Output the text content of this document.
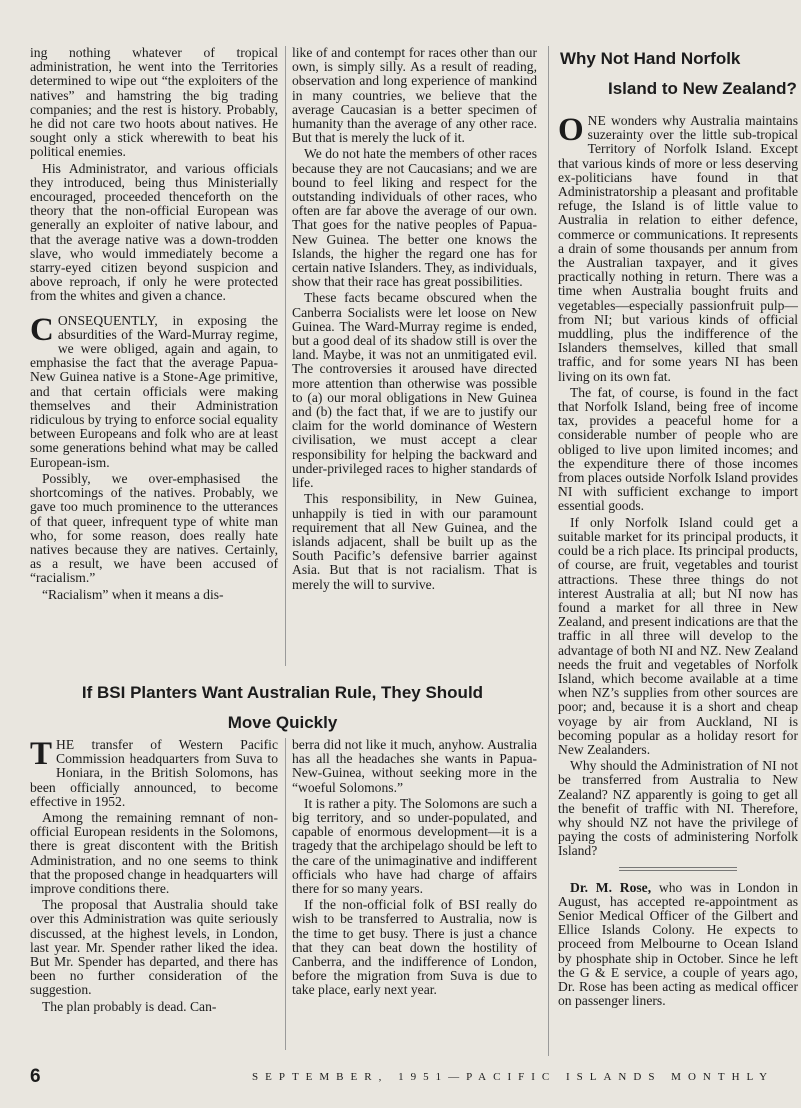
ing nothing whatever of tropical administration, he went into the Territories determined to wipe out “the exploiters of the natives” and hamstring the big trading companies; and the rest is history. Probably, he did not care two hoots about natives. He sought only a stick wherewith to beat his political enemies.

His Administrator, and various officials they introduced, being thus Ministerially encouraged, proceeded thenceforth on the theory that the non-official European was generally an exploiter of native labour, and that the average native was a down-trodden slave, who would immediately become a starry-eyed citizen beyond suspicion and above reproach, if only he were protected from the whites and given a chance.

CONSEQUENTLY, in exposing the absurdities of the Ward-Murray regime, we were obliged, again and again, to emphasise the fact that the average Papua-New Guinea native is a Stone-Age primitive, and that certain officials were making themselves and their Administration ridiculous by trying to enforce social equality between Europeans and folk who are at least some generations behind what may be called European-ism.

Possibly, we over-emphasised the shortcomings of the natives. Probably, we gave too much prominence to the utterances of that queer, infrequent type of white man who, for some reason, does really hate natives because they are natives. Certainly, as a result, we have been accused of “racialism.”

“Racialism” when it means a dis-

like of and contempt for races other than our own, is simply silly. As a result of reading, observation and long experience of mankind in many countries, we believe that the average Caucasian is a better specimen of humanity than the average of any other race. But that is merely the luck of it.

We do not hate the members of other races because they are not Caucasians; and we are bound to feel liking and respect for the outstanding individuals of other races, who often are far above the average of our own. That goes for the native peoples of Papua-New Guinea. The better one knows the Islands, the higher the regard one has for certain native Islanders. They, as individuals, show that their race has great possibilities.

These facts became obscured when the Canberra Socialists were let loose on New Guinea. The Ward-Murray regime is ended, but a good deal of its shadow still is over the land. Maybe, it was not an unmitigated evil. The controversies it aroused have directed more attention than otherwise was possible to (a) our moral obligations in New Guinea and (b) the fact that, if we are to justify our claim for the world dominance of Western civilisation, we must accept a clear responsibility for helping the backward and under-privileged races to higher standards of life.

This responsibility, in New Guinea, unhappily is tied in with our paramount requirement that all New Guinea, and the islands adjacent, shall be built up as the South Pacific’s defensive barrier against Asia. But that is not racialism. That is merely the will to survive.

Why Not Hand Norfolk
Island to New Zealand?

ONE wonders why Australia maintains suzerainty over the little sub-tropical Territory of Norfolk Island. Except that various kinds of more or less deserving ex-politicians have found in that Administratorship a pleasant and profitable refuge, the Island is of little value to Australia in relation to either defence, commerce or communications. It represents a drain of some thousands per annum from the Australian taxpayer, and it gives practically nothing in return. There was a time when Australia bought fruits and vegetables—especially passionfruit pulp—from NI; but various kinds of official muddling, plus the indifference of the Islanders themselves, killed that small traffic, and for some years NI has been living on its own fat.

The fat, of course, is found in the fact that Norfolk Island, being free of income tax, provides a peaceful home for a considerable number of people who are obliged to live upon limited incomes; and the expenditure there of those incomes from places outside Norfolk Island provides NI with sufficient exchange to import essential goods.

If only Norfolk Island could get a suitable market for its principal products, it could be a rich place. Its principal products, of course, are fruit, vegetables and tourist attractions. These three things do not interest Australia at all; but NI now has found a market for all three in New Zealand, and present indications are that the traffic in all three will develop to the advantage of both NI and NZ. New Zealand needs the fruit and vegetables of Norfolk Island, which become available at a time when NZ’s supplies from other sources are poor; and, because it is a short and cheap voyage by air from Auckland, NI is becoming popular as a holiday resort for New Zealanders.

Why should the Administration of NI not be transferred from Australia to New Zealand? NZ apparently is going to get all the benefit of traffic with NI. Therefore, why should NZ not have the privilege of paying the costs of administering Norfolk Island?

Dr. M. Rose, who was in London in August, has accepted re-appointment as Senior Medical Officer of the Gilbert and Ellice Islands Colony. He expects to proceed from Melbourne to Ocean Island by phosphate ship in October. Since he left the G & E service, a couple of years ago, Dr. Rose has been acting as medical officer on passenger liners.

If BSI Planters Want Australian Rule, They Should
Move Quickly

THE transfer of Western Pacific Commission headquarters from Suva to Honiara, in the British Solomons, has been officially announced, to become effective in 1952.

Among the remaining remnant of non-official European residents in the Solomons, there is great discontent with the British Administration, and no one seems to think that the proposed change in headquarters will improve conditions there.

The proposal that Australia should take over this Administration was quite seriously discussed, at the highest levels, in London, last year. Mr. Spender rather liked the idea. But Mr. Spender has departed, and there has been no further consideration of the suggestion.

The plan probably is dead. Can-

berra did not like it much, anyhow. Australia has all the headaches she wants in Papua-New-Guinea, without seeking more in the “woeful Solomons.”

It is rather a pity. The Solomons are such a big territory, and so under-populated, and capable of enormous development—it is a tragedy that the archipelago should be left to the care of the unimaginative and indifferent officials who have had charge of affairs there for so many years.

If the non-official folk of BSI really do wish to be transferred to Australia, now is the time to get busy. There is just a chance that they can beat down the hostility of Canberra, and the indifference of London, before the migration from Suva is due to take place, early next year.

6	SEPTEMBER, 1951—PACIFIC ISLANDS MONTHLY
